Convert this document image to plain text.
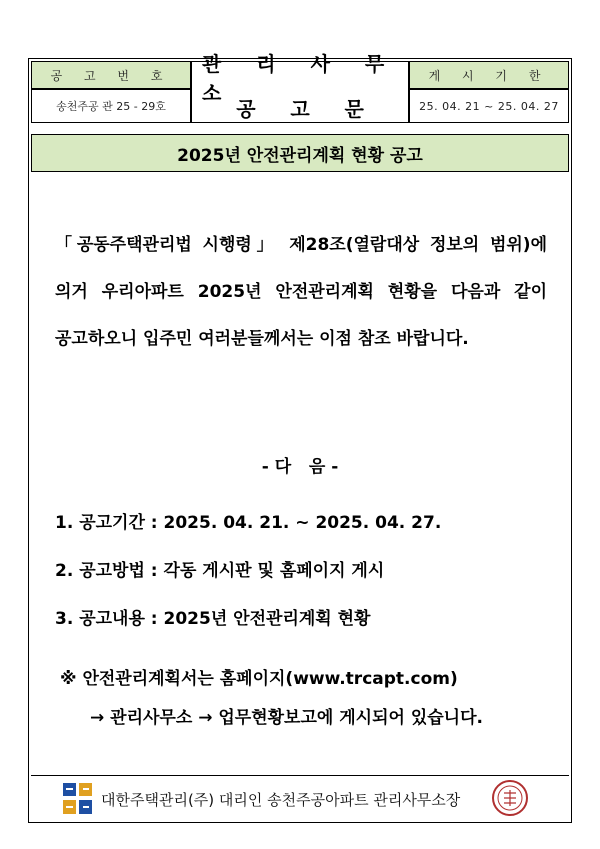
공 고 번 호
송천주공 관 25 - 29호
관 리 사 무 소
공     고     문
게 시 기 한
25. 04. 21 ~ 25. 04. 27
2025년 안전관리계획 현황 공고
「공동주택관리법 시행령」 제28조(열람대상 정보의 범위)에 의거 우리아파트 2025년 안전관리계획 현황을 다음과 같이 공고하오니 입주민 여러분들께서는 이점 참조 바랍니다.
- 다   음 -
1. 공고기간 : 2025. 04. 21. ~ 2025. 04. 27.
2. 공고방법 : 각동 게시판 및 홈페이지 게시
3. 공고내용 : 2025년 안전관리계획 현황
※ 안전관리계획서는 홈페이지(www.trcapt.com)
→ 관리사무소 → 업무현황보고에 게시되어 있습니다.
대한주택관리(주) 대리인 송천주공아파트 관리사무소장
